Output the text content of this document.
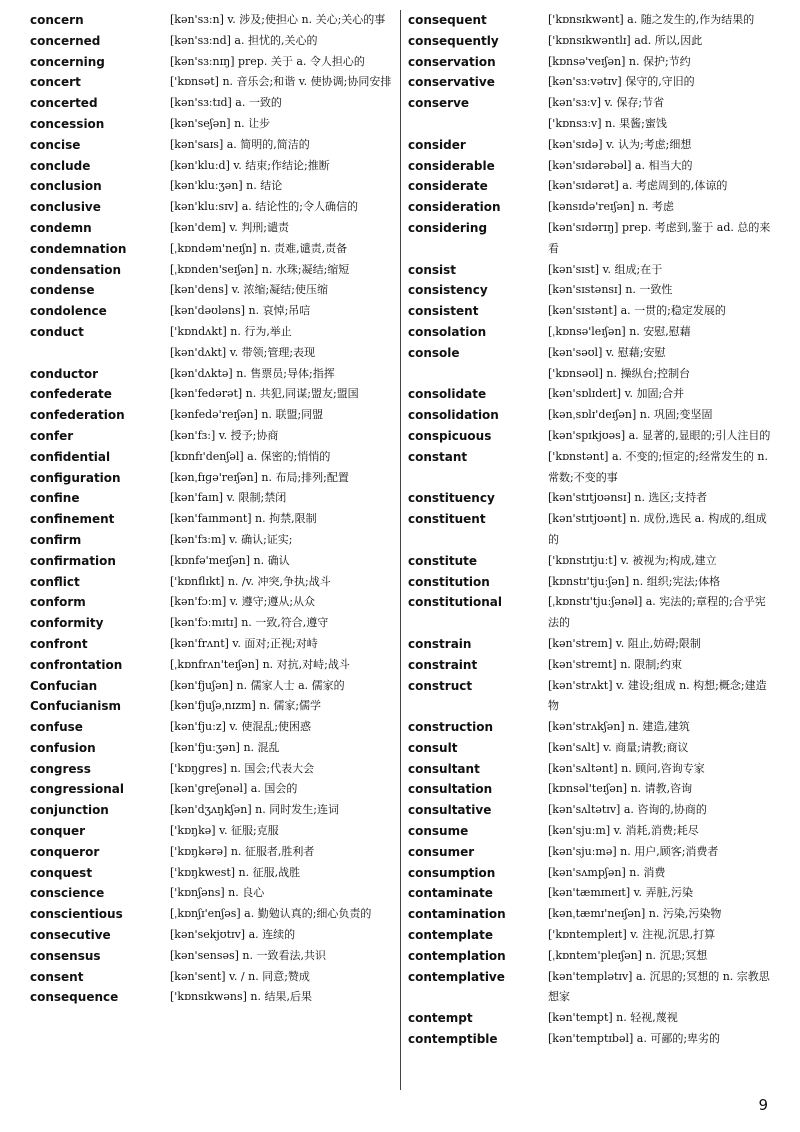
concern	[kən'sɜːn] v. 涉及;使担心 n. 关心;关心的事
concerned	[kən'sɜːnd] a. 担忧的,关心的
concerning	[kən'sɜːnɪŋ] prep. 关于 a. 令人担心的
concert	['kɒnsət] n. 音乐会;和谐 v. 使协调;协同安排
concerted	[kən'sɜːtɪd] a. 一致的
concession	[kən'seʃən] n. 让步
concise	[kən'saɪs] a. 简明的,简洁的
conclude	[kən'kluːd] v. 结束;作结论;推断
conclusion	[kən'kluːʒən] n. 结论
conclusive	[kən'kluːsɪv] a. 结论性的;令人确信的
condemn	[kən'dem] v. 判刑;谴责
condemnation	[ˌkɒndəm'neɪʃn] n. 责难,谴责,责备
condensation	[ˌkɒnden'seɪʃən] n. 水珠;凝结;缩短
condense	[kən'dens] v. 浓缩;凝结;使压缩
condolence	[kən'dəʊləns] n. 哀悼;吊唁
conduct	['kɒndʌkt] n. 行为,举止
[kən'dʌkt] v. 带领;管理;表现
conductor	[kən'dʌktə] n. 售票员;导体;指挥
confederate	[kən'fedərət] n. 共犯,同谋;盟友;盟国
confederation	[kənfedə'reɪʃən] n. 联盟;同盟
confer	[kən'fɜː] v. 授予;协商
confidential	[kɒnfɪ'denʃəl] a. 保密的;悄悄的
configuration	[kənˌfɪɡə'reɪʃən] n. 布局;排列;配置
confine	[kən'faɪn] v. 限制;禁闭
confinement	[kən'faɪnmənt] n. 拘禁,限制
confirm	[kən'fɜːm] v. 确认;证实;
confirmation	[kɒnfə'meɪʃən] n. 确认
conflict	['kɒnflɪkt] n. /v. 冲突,争执;战斗
conform	[kən'fɔːm] v. 遵守;遵从;从众
conformity	[kən'fɔːmɪtɪ] n. 一致,符合,遵守
confront	[kən'frʌnt] v. 面对;正视;对峙
confrontation	[ˌkɒnfrʌn'teɪʃən] n. 对抗,对峙;战斗
Confucian	[kən'fjuʃən] n. 儒家人士 a. 儒家的
Confucianism	[kən'fjuʃəˌnɪzm] n. 儒家;儒学
confuse	[kən'fjuːz] v. 使混乱;使困惑
confusion	[kən'fjuːʒən] n. 混乱
congress	['kɒŋgres] n. 国会;代表大会
congressional	[kən'greʃənəl] a. 国会的
conjunction	[kən'dʒʌŋkʃən] n. 同时发生;连词
conquer	['kɒŋkə] v. 征服;克服
conqueror	['kɒŋkərə] n. 征服者,胜利者
conquest	['kɒŋkwest] n. 征服,战胜
conscience	['kɒnʃəns] n. 良心
conscientious	[ˌkɒnʃɪ'enʃəs] a. 勤勉认真的;细心负责的
consecutive	[kən'sekjʊtɪv] a. 连续的
consensus	[kən'sensəs] n. 一致看法,共识
consent	[kən'sent] v. / n. 同意;赞成
consequence	['kɒnsɪkwəns] n. 结果,后果
consequent	['kɒnsɪkwənt] a. 随之发生的,作为结果的
consequently	['kɒnsɪkwəntlɪ] ad. 所以,因此
conservation	[kɒnsə'veɪʃən] n. 保护;节约
conservative	[kən'sɜːvətɪv] 保守的,守旧的
conserve	[kən'sɜːv] v. 保存;节省
['kɒnsɜːv] n. 果酱;蜜饯
consider	[kən'sɪdə] v. 认为;考虑;细想
considerable	[kən'sɪdərəbəl] a. 相当大的
considerate	[kən'sɪdərət] a. 考虑周到的,体谅的
consideration	[kənsɪdə'reɪʃən] n. 考虑
considering	[kən'sɪdərɪŋ] prep. 考虑到,鉴于 ad. 总的来看
consist	[kən'sɪst] v. 组成;在于
consistency	[kən'sɪstənsɪ] n. 一致性
consistent	[kən'sɪstənt] a. 一贯的;稳定发展的
consolation	[ˌkɒnsə'leɪʃən] n. 安慰,慰藉
console	[kən'səʊl] v. 慰藉;安慰
['kɒnsəʊl] n. 操纵台;控制台
consolidate	[kən'sɒlɪdeɪt] v. 加固;合并
consolidation	[kənˌsɒlɪ'deɪʃən] n. 巩固;变坚固
conspicuous	[kən'spɪkjʊəs] a. 显著的,显眼的;引人注目的
constant	['kɒnstənt] a. 不变的;恒定的;经常发生的 n. 常数;不变的事
constituency	[kən'stɪtjʊənsɪ] n. 选区;支持者
constituent	[kən'stɪtjʊənt] n. 成份,选民 a. 构成的,组成的
constitute	['kɒnstɪtjuːt] v. 被视为;构成,建立
constitution	[kɒnstɪ'tjuːʃən] n. 组织;宪法;体格
constitutional	[ˌkɒnstɪ'tjuːʃənəl] a. 宪法的;章程的;合乎宪法的
constrain	[kən'streɪn] v. 阻止,妨碍;限制
constraint	[kən'streɪnt] n. 限制;约束
construct	[kən'strʌkt] v. 建设;组成 n. 构想;概念;建造物
construction	[kən'strʌkʃən] n. 建造,建筑
consult	[kən'sʌlt] v. 商量;请教;商议
consultant	[kən'sʌltənt] n. 顾问,咨询专家
consultation	[kɒnsəl'teɪʃən] n. 请教,咨询
consultative	[kən'sʌltətɪv] a. 咨询的,协商的
consume	[kən'sjuːm] v. 消耗,消费;耗尽
consumer	[kən'sjuːmə] n. 用户,顾客;消费者
consumption	[kən'sʌmpʃən] n. 消费
contaminate	[kən'tæmɪneɪt] v. 弄脏,污染
contamination	[kənˌtæmɪ'neɪʃən] n. 污染,污染物
contemplate	['kɒntempleɪt] v. 注视,沉思,打算
contemplation	[ˌkɒntem'pleɪʃən] n. 沉思;冥想
contemplative	[kən'templətɪv] a. 沉思的;冥想的 n. 宗教思想家
contempt	[kən'tempt] n. 轻视,蔑视
contemptible	[kən'temptɪbəl] a. 可鄙的;卑劣的
9
